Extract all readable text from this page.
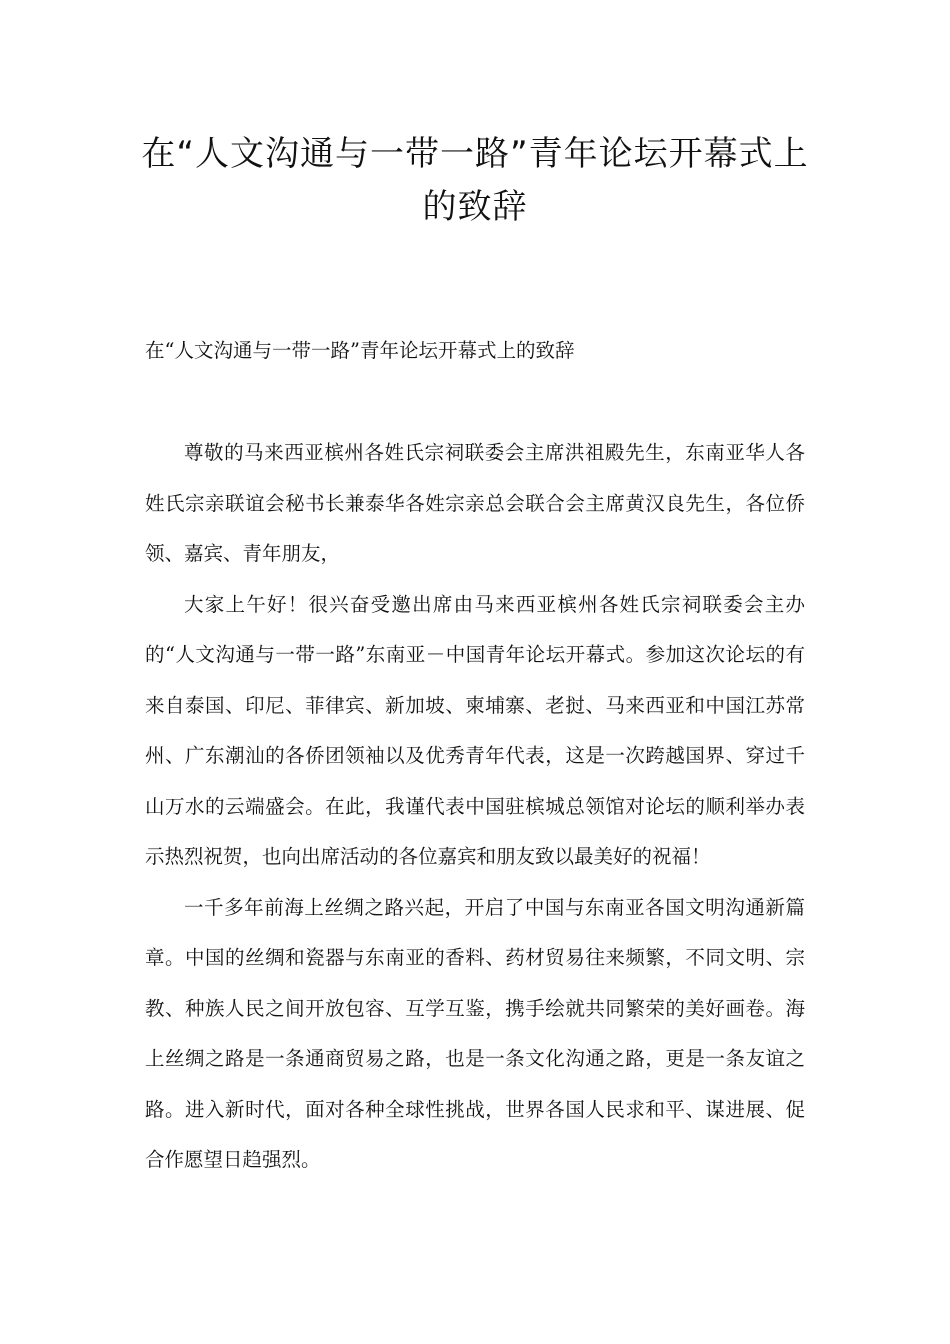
在“人文沟通与一带一路”青年论坛开幕式上的致辞

在“人文沟通与一带一路”青年论坛开幕式上的致辞

尊敬的马来西亚槟州各姓氏宗祠联委会主席洪祖殿先生，东南亚华人各姓氏宗亲联谊会秘书长兼泰华各姓宗亲总会联合会主席黄汉良先生，各位侨领、嘉宾、青年朋友，

大家上午好！很兴奋受邀出席由马来西亚槟州各姓氏宗祠联委会主办的“人文沟通与一带一路”东南亚－中国青年论坛开幕式。参加这次论坛的有来自泰国、印尼、菲律宾、新加坡、柬埔寨、老挝、马来西亚和中国江苏常州、广东潮汕的各侨团领袖以及优秀青年代表，这是一次跨越国界、穿过千山万水的云端盛会。在此，我谨代表中国驻槟城总领馆对论坛的顺利举办表示热烈祝贺，也向出席活动的各位嘉宾和朋友致以最美好的祝福！

一千多年前海上丝绸之路兴起，开启了中国与东南亚各国文明沟通新篇章。中国的丝绸和瓷器与东南亚的香料、药材贸易往来频繁，不同文明、宗教、种族人民之间开放包容、互学互鉴，携手绘就共同繁荣的美好画卷。海上丝绸之路是一条通商贸易之路，也是一条文化沟通之路，更是一条友谊之路。进入新时代，面对各种全球性挑战，世界各国人民求和平、谋进展、促合作愿望日趋强烈。
